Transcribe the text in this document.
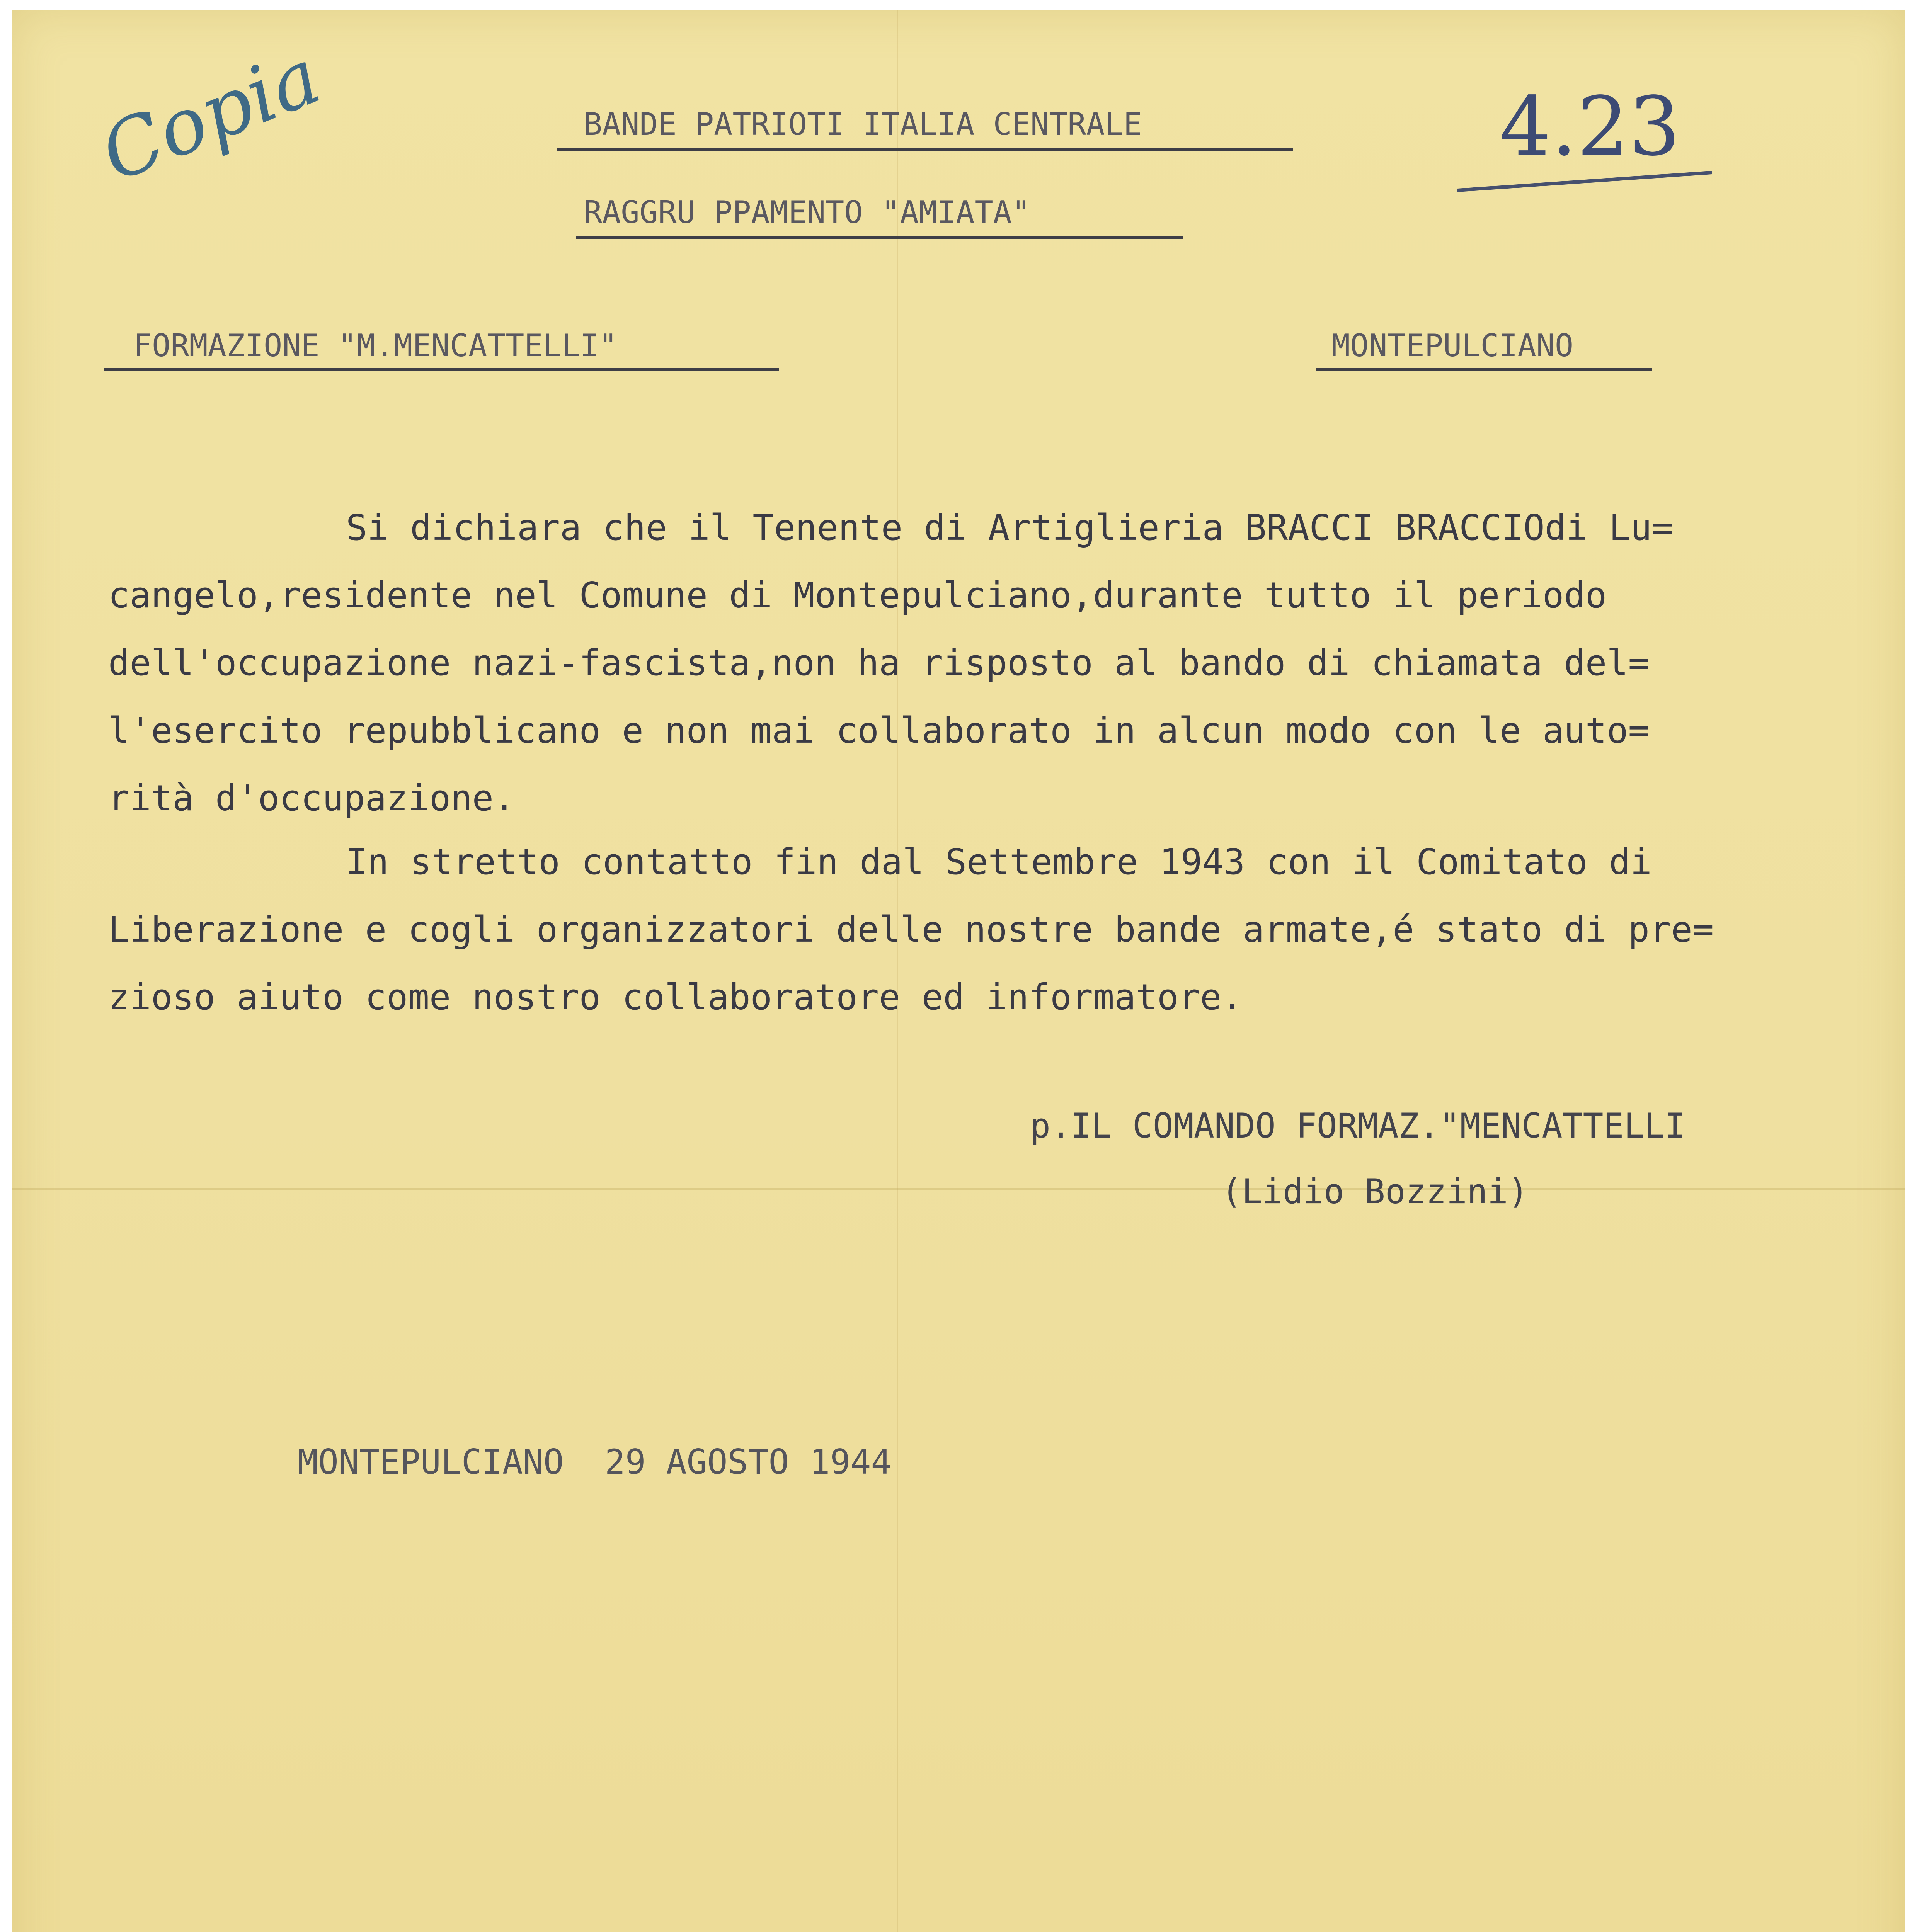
Copia	4.23
BANDE PATRIOTI ITALIA CENTRALE
RAGGRU PPAMENTO "AMIATA"
FORMAZIONE "M.MENCATTELLI"	MONTEPULCIANO
Si dichiara che il Tenente di Artiglieria BRACCI BRACCIOdi Lu=
cangelo,residente nel Comune di Montepulciano,durante tutto il periodo
dell'occupazione nazi-fascista,non ha risposto al bando di chiamata del=
l'esercito repubblicano e non mai collaborato in alcun modo con le auto=
rità d'occupazione.
In stretto contatto fin dal Settembre 1943 con il Comitato di
Liberazione e cogli organizzatori delle nostre bande armate,é stato di pre=
zioso aiuto come nostro collaboratore ed informatore.
p.IL COMANDO FORMAZ."MENCATTELLI
(Lidio Bozzini)
MONTEPULCIANO  29 AGOSTO 1944
